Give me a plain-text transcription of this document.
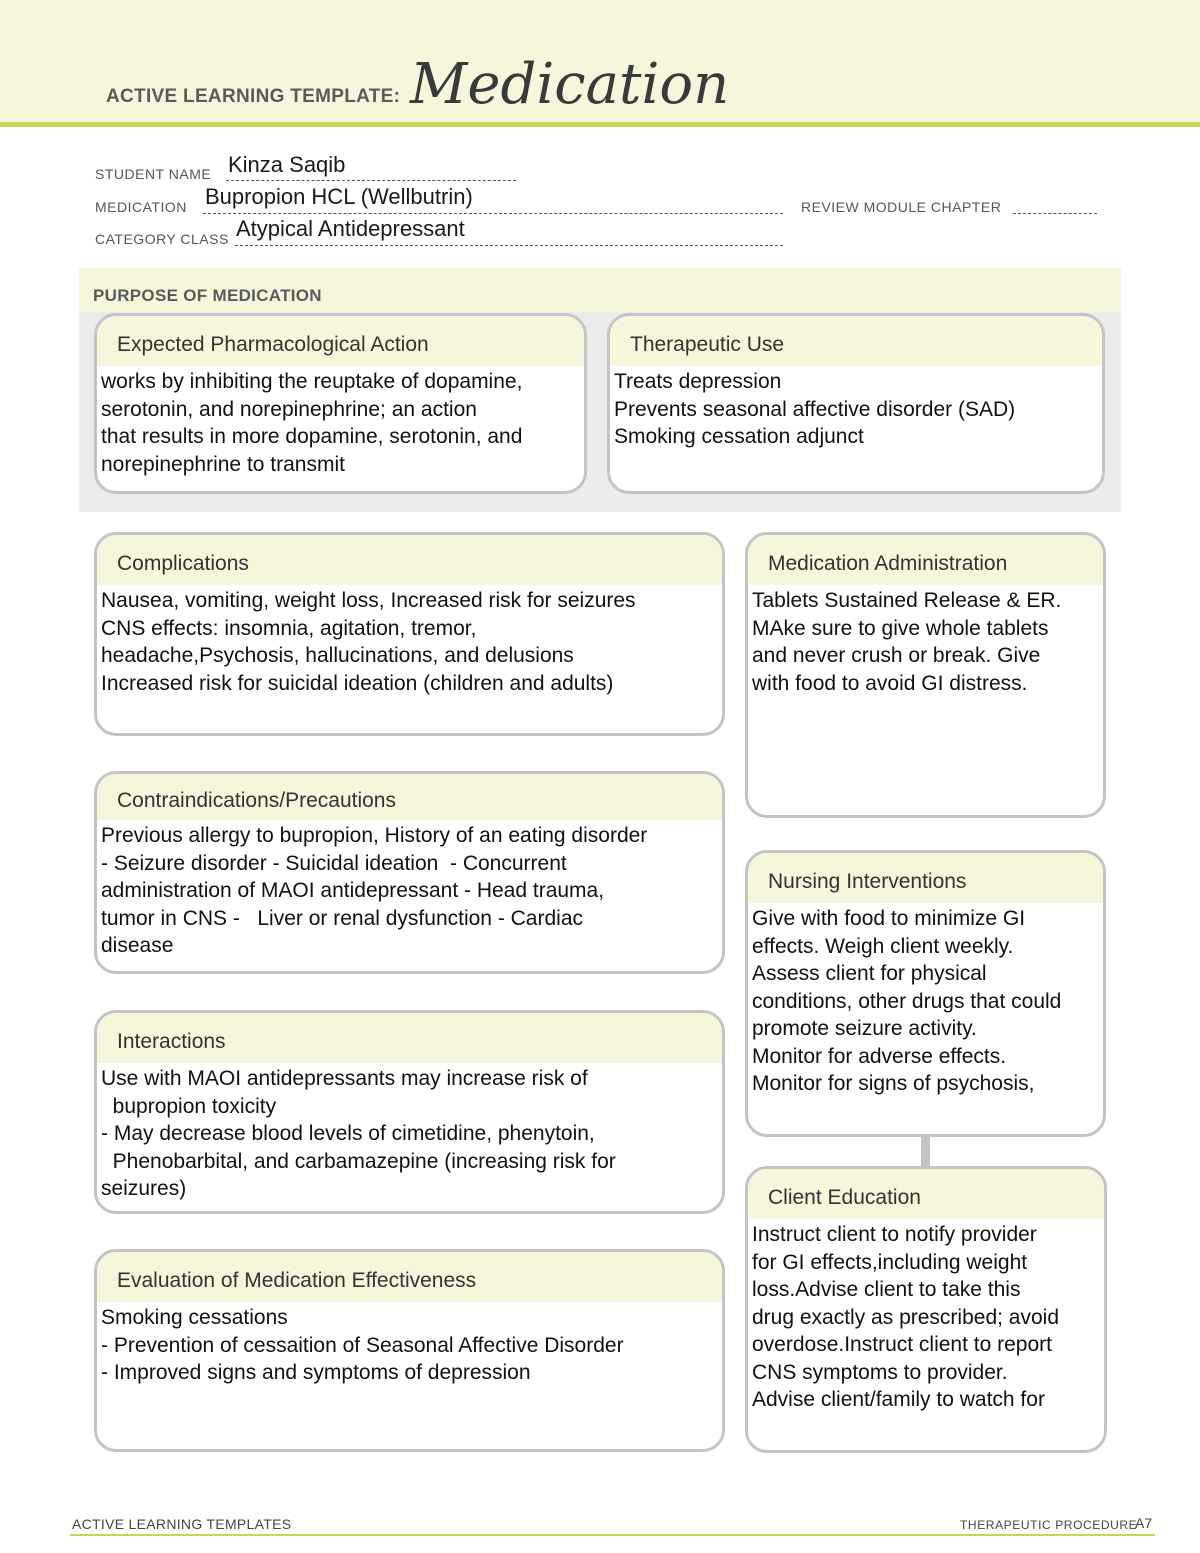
ACTIVE LEARNING TEMPLATE: Medication
STUDENT NAME Kinza Saqib
MEDICATION Bupropion HCL (Wellbutrin)	REVIEW MODULE CHAPTER
CATEGORY CLASS Atypical Antidepressant
PURPOSE OF MEDICATION
Expected Pharmacological Action
works by inhibiting the reuptake of dopamine,
serotonin, and norepinephrine; an action
that results in more dopamine, serotonin, and
norepinephrine to transmit
Therapeutic Use
Treats depression
Prevents seasonal affective disorder (SAD)
Smoking cessation adjunct
Complications
Nausea, vomiting, weight loss, Increased risk for seizures
CNS effects: insomnia, agitation, tremor,
headache,Psychosis, hallucinations, and delusions
Increased risk for suicidal ideation (children and adults)
Medication Administration
Tablets Sustained Release & ER.
MAke sure to give whole tablets
and never crush or break. Give
with food to avoid GI distress.
Contraindications/Precautions
Previous allergy to bupropion, History of an eating disorder
- Seizure disorder - Suicidal ideation  - Concurrent
administration of MAOI antidepressant - Head trauma,
tumor in CNS -   Liver or renal dysfunction - Cardiac
disease
Nursing Interventions
Give with food to minimize GI
effects. Weigh client weekly.
Assess client for physical
conditions, other drugs that could
promote seizure activity.
Monitor for adverse effects.
Monitor for signs of psychosis,
Interactions
Use with MAOI antidepressants may increase risk of
bupropion toxicity
- May decrease blood levels of cimetidine, phenytoin,
Phenobarbital, and carbamazepine (increasing risk for
seizures)	Client Education
Instruct client to notify provider
for GI effects,including weight
loss.Advise client to take this
drug exactly as prescribed; avoid
overdose.Instruct client to report
CNS symptoms to provider.
Advise client/family to watch for
Evaluation of Medication Effectiveness
Smoking cessations
- Prevention of cessaition of Seasonal Affective Disorder
- Improved signs and symptoms of depression
ACTIVE LEARNING TEMPLATES	THERAPEUTIC PROCEDURE
A7
